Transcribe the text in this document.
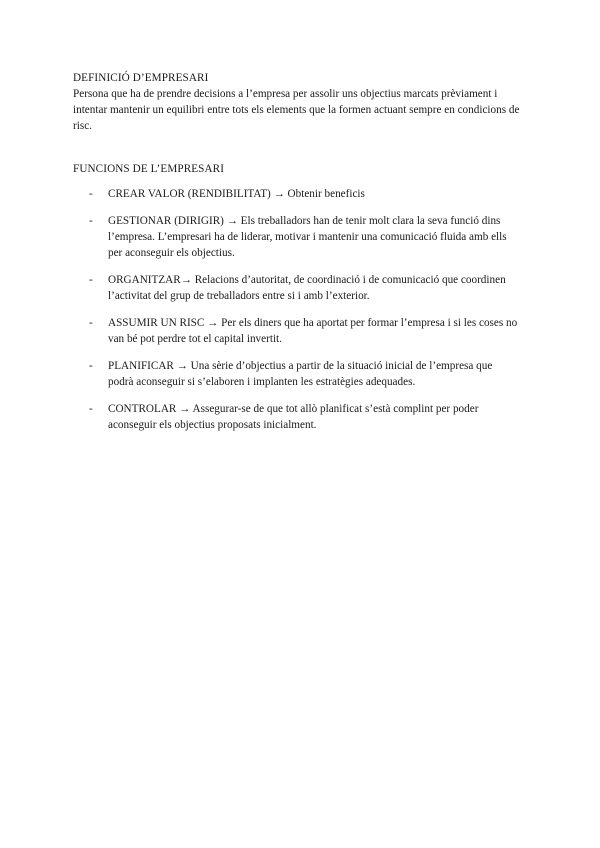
DEFINICIÓ D’EMPRESARI

Persona que ha de prendre decisions a l’empresa per assolir uns objectius marcats prèviament i intentar mantenir un equilibri entre tots els elements que la formen actuant sempre en condicions de risc.

FUNCIONS DE L’EMPRESARI
- CREAR VALOR (RENDIBILITAT) → Obtenir beneficis
- GESTIONAR (DIRIGIR) → Els treballadors han de tenir molt clara la seva funció dins l’empresa. L’empresari ha de liderar, motivar i mantenir una comunicació fluida amb ells per aconseguir els objectius.
- ORGANITZAR→ Relacions d’autoritat, de coordinació i de comunicació que coordinen l’activitat del grup de treballadors entre si i amb l’exterior.
- ASSUMIR UN RISC → Per els diners que ha aportat per formar l’empresa i si les coses no van bé pot perdre tot el capital invertit.
- PLANIFICAR → Una sèrie d’objectius a partir de la situació inicial de l’empresa que podrà aconseguir si s’elaboren i implanten les estratègies adequades.
- CONTROLAR → Assegurar-se de que tot allò planificat s’està complint per poder aconseguir els objectius proposats inicialment.
